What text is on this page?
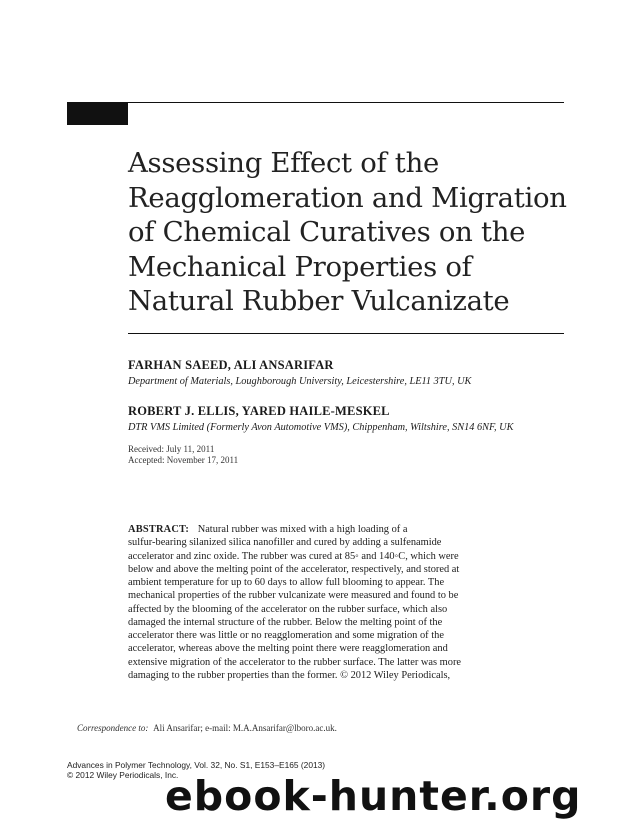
Assessing Effect of the
Reagglomeration and Migration
of Chemical Curatives on the
Mechanical Properties of
Natural Rubber Vulcanizate
FARHAN SAEED, ALI ANSARIFAR
Department of Materials, Loughborough University, Leicestershire, LE11 3TU, UK
ROBERT J. ELLIS, YARED HAILE-MESKEL
DTR VMS Limited (Formerly Avon Automotive VMS), Chippenham, Wiltshire, SN14 6NF, UK
Received: July 11, 2011
Accepted: November 17, 2011
ABSTRACT: Natural rubber was mixed with a high loading of a
sulfur-bearing silanized silica nanofiller and cured by adding a sulfenamide
accelerator and zinc oxide. The rubber was cured at 85◦ and 140◦C, which were
below and above the melting point of the accelerator, respectively, and stored at
ambient temperature for up to 60 days to allow full blooming to appear. The
mechanical properties of the rubber vulcanizate were measured and found to be
affected by the blooming of the accelerator on the rubber surface, which also
damaged the internal structure of the rubber. Below the melting point of the
accelerator there was little or no reagglomeration and some migration of the
accelerator, whereas above the melting point there were reagglomeration and
extensive migration of the accelerator to the rubber surface. The latter was more
damaging to the rubber properties than the former. © 2012 Wiley Periodicals,
Correspondence to: Ali Ansarifar; e-mail: M.A.Ansarifar@lboro.ac.uk.
Advances in Polymer Technology, Vol. 32, No. S1, E153–E165 (2013)
© 2012 Wiley Periodicals, Inc.
ebook-hunter.org
